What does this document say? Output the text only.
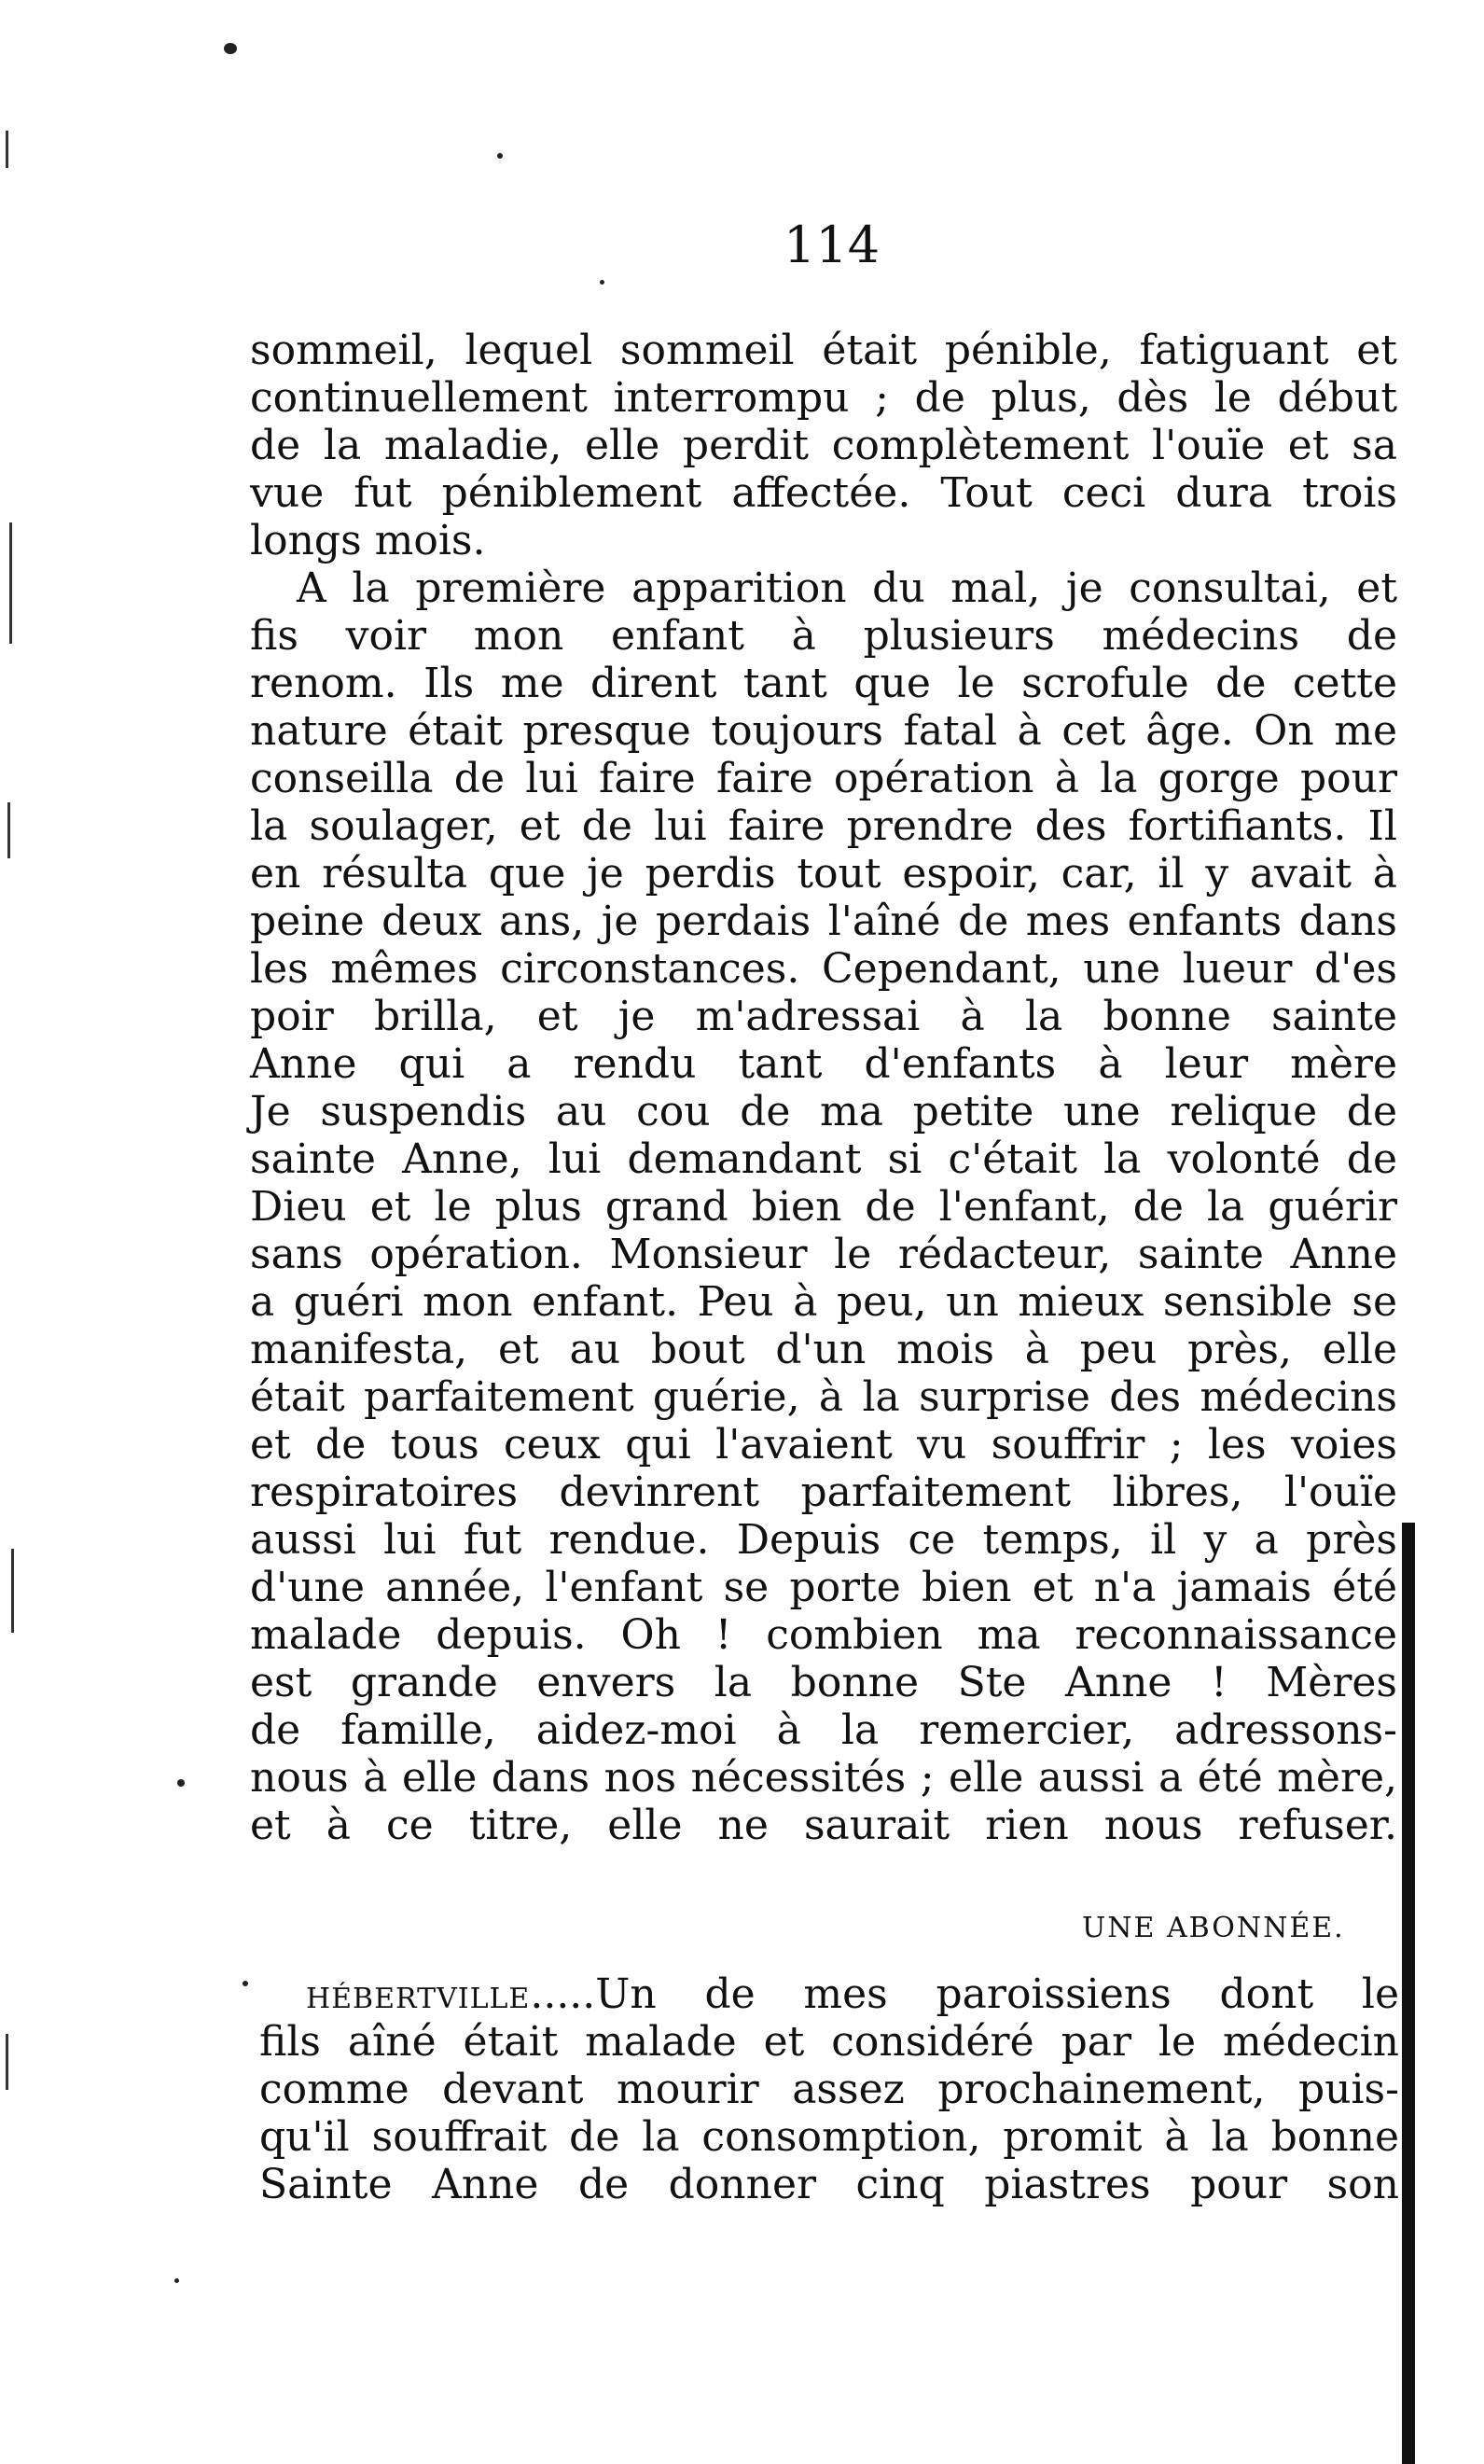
114
sommeil, lequel sommeil était pénible, fatiguant et
continuellement interrompu ; de plus, dès le début
de la maladie, elle perdit complètement l'ouïe et sa
vue fut péniblement affectée. Tout ceci dura trois
longs mois.
A la première apparition du mal, je consultai, et
fis voir mon enfant à plusieurs médecins de
renom. Ils me dirent tant que le scrofule de cette
nature était presque toujours fatal à cet âge. On me
conseilla de lui faire faire opération à la gorge pour
la soulager, et de lui faire prendre des fortifiants. Il
en résulta que je perdis tout espoir, car, il y avait à
peine deux ans, je perdais l'aîné de mes enfants dans
les mêmes circonstances. Cependant, une lueur d'es
poir brilla, et je m'adressai à la bonne sainte
Anne qui a rendu tant d'enfants à leur mère
Je suspendis au cou de ma petite une relique de
sainte Anne, lui demandant si c'était la volonté de
Dieu et le plus grand bien de l'enfant, de la guérir
sans opération. Monsieur le rédacteur, sainte Anne
a guéri mon enfant. Peu à peu, un mieux sensible se
manifesta, et au bout d'un mois à peu près, elle
était parfaitement guérie, à la surprise des médecins
et de tous ceux qui l'avaient vu souffrir ; les voies
respiratoires devinrent parfaitement libres, l'ouïe
aussi lui fut rendue. Depuis ce temps, il y a près
d'une année, l'enfant se porte bien et n'a jamais été
malade depuis. Oh ! combien ma reconnaissance
est grande envers la bonne Ste Anne ! Mères
de famille, aidez-moi à la remercier, adressons-
nous à elle dans nos nécessités ; elle aussi a été mère,
et à ce titre, elle ne saurait rien nous refuser.
UNE ABONNÉE.
HÉBERTVILLE.....Un de mes paroissiens dont le
fils aîné était malade et considéré par le médecin
comme devant mourir assez prochainement, puis-
qu'il souffrait de la consomption, promit à la bonne
Sainte Anne de donner cinq piastres pour son
